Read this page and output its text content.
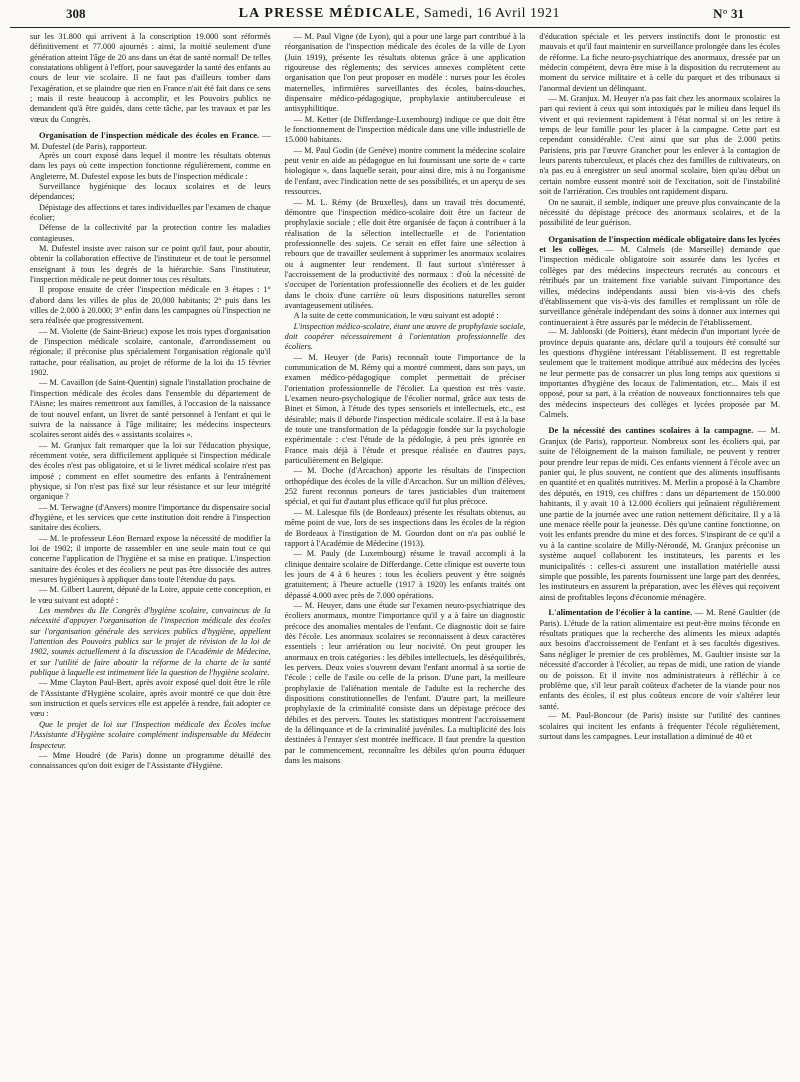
308	LA PRESSE MÉDICALE, Samedi, 16 Avril 1921	N° 31

sur les 31.800 qui arrivent à la conscription 19.000 sont réformés définitivement et 77.000 ajournés : ainsi, la moitié seulement d'une génération atteint l'âge de 20 ans dans un état de santé normal! De telles constatations obligent à l'effort, pour sauvegarder la santé des enfants au cours de leur vie scolaire. Il ne faut pas d'ailleurs tomber dans l'exagération, et se plaindre que rien en France n'ait été fait dans ce sens ; mais il reste beaucoup à accomplir, et les Pouvoirs publics ne demandent qu'à être guidés, dans cette tâche, par les travaux et par les vœux du Congrès.

Organisation de l'inspection médicale des écoles en France. — M. Dufestel (de Paris), rapporteur.

Après un court exposé dans lequel il montre les résultats obtenus dans les pays où cette inspection fonctionne régulièrement, comme en Angleterre, M. Dufestel expose les buts de l'inspection médicale :

Surveillance hygiénique des locaux scolaires et de leurs dépendances;

Dépistage des affections et tares individuelles par l'examen de chaque écolier;

Défense de la collectivité par la protection contre les maladies contagieuses.

M. Dufestel insiste avec raison sur ce point qu'il faut, pour aboutir, obtenir la collaboration effective de l'instituteur et de tout le personnel enseignant à tous les degrés de la hiérarchie. Sans l'instituteur, l'inspection médicale ne peut donner tous ces résultats.

Il propose ensuite de créer l'inspection médicale en 3 étapes : 1° d'abord dans les villes de plus de 20,000 habitants; 2° puis dans les villes de 2.000 à 20.000; 3° enfin dans les campagnes où l'inspection ne sera réalisée que progressivement.

— M. Violette (de Saint-Brieuc) expose les trois types d'organisation de l'inspection médicale scolaire, cantonale, d'arrondissement ou régionale; il préconise plus spécialement l'organisation régionale qu'il rattache, pour réalisation, au projet de réforme de la loi du 15 février 1902.

— M. Cavaillon (de Saint-Quentin) signale l'installation prochaine de l'inspection médicale des écoles dans l'ensemble du département de l'Aisne; les maires remettront aux familles, à l'occasion de la naissance de tout nouvel enfant, un livret de santé personnel à l'enfant et qui le suivra de la naissance à l'âge militaire; les médecins inspecteurs scolaires seront aidés des « assistants scolaires ».

— M. Granjux fait remarquer que la loi sur l'éducation physique, récemment votée, sera difficilement appliquée si l'inspection médicale des écoles n'est pas obligatoire, et si le livret médical scolaire n'est pas imposé ; comment en effet soumettre des enfants à l'entraînement physique, si l'on n'est pas fixé sur leur résistance et sur leur intégrité organique ?

— M. Terwagne (d'Anvers) montre l'importance du dispensaire social d'hygiène, et les services que cette institution doit rendre à l'inspection sanitaire des écoliers.

— M. le professeur Léon Bernard expose la nécessité de modifier la loi de 1902; il importe de rassembler en une seule main tout ce qui concerne l'application de l'hygiène et sa mise en pratique. L'inspection sanitaire des écoles et des écoliers ne peut pas être dissociée des autres mesures hygiéniques à appliquer dans toute l'étendue du pays.

— M. Gilbert Laurent, député de la Loire, appuie cette conception, et le vœu suivant est adopté :

Les membres du IIe Congrès d'hygiène scolaire, convaincus de la nécessité d'appuyer l'organisation de l'inspection médicale des écoles sur l'organisation générale des services publics d'hygiène, appellent l'attention des Pouvoirs publics sur le projet de révision de la loi de 1902, soumis actuellement à la discussion de l'Académie de Médecine, et sur l'utilité de faire aboutir la réforme de la charte de la santé publique à laquelle est intimement liée la question de l'hygiène scolaire.

— Mme Clayton Paul-Bert, après avoir exposé quel doit être le rôle de l'Assistante d'Hygiène scolaire, après avoir montré ce que doit être son instruction et quels services elle est appelée à rendre, fait adopter ce vœu :

Que le projet de loi sur l'Inspection médicale des Écoles inclue l'Assistante d'Hygiène scolaire complément indispensable du Médecin Inspecteur.

— Mme Houdré (de Paris) donne un programme détaillé des connaissances qu'on doit exiger de l'Assistante d'Hygiène.

— M. Paul Vigne (de Lyon), qui a pour une large part contribué à la réorganisation de l'inspection médicale des écoles de la ville de Lyon (Juin 1919), présente les résultats obtenus grâce à une application rigoureuse des règlements; des services annexes complètent cette organisation que l'on peut proposer en modèle : nurses pour les écoles maternelles, infirmières surveillantes des écoles, bains-douches, dispensaire médico-pédagogique, prophylaxie antituberculeuse et antisyphilitique.

— M. Ketter (de Differdange-Luxembourg) indique ce que doit être le fonctionnement de l'inspection médicale dans une ville industrielle de 15.000 habitants.

— M. Paul Godin (de Genève) montre comment la médecine scolaire peut venir en aide au pédagogue en lui fournissant une sorte de « carte biologique », dans laquelle serait, pour ainsi dire, mis à nu l'organisme de l'enfant, avec l'indication nette de ses possibilités, et un aperçu de ses ressources.

— M. L. Rémy (de Bruxelles), dans un travail très documenté, démontre que l'inspection médico-scolaire doit être un facteur de prophylaxie sociale ; elle doit être organisée de façon à contribuer à la réalisation de la sélection intellectuelle et de l'orientation professionnelle des sujets. Ce serait en effet faire une sélection à rebours que de travailler seulement à supprimer les anormaux scolaires ou à augmenter leur rendement. Il faut surtout s'intéresser à l'accroissement de la productivité des normaux : d'où la nécessité de s'occuper de l'orientation professionnelle des écoliers et de les guider dans le choix d'une carrière où leurs dispositions naturelles seront avantageusement utilisées.

A la suite de cette communication, le vœu suivant est adopté :

L'inspection médico-scolaire, étant une œuvre de prophylaxie sociale, doit coopérer nécessairement à l'orientation professionnelle des écoliers.

— M. Heuyer (de Paris) reconnaît toute l'importance de la communication de M. Rémy qui a montré comment, dans son pays, un examen médico-pédagogique complet permettait de préciser l'orientation professionnelle de l'écolier. La question est très vaste. L'examen neuro-psychologique de l'écolier normal, grâce aux tests de Binet et Simon, à l'étude des types sensoriels et intellectuels, etc., est désirable; mais il déborde l'inspection médicale scolaire. Il est à la base de toute une transformation de la pédagogie fondée sur la psychologie expérimentale : c'est l'étude de la pédologie, à peu près ignorée en France mais déjà à l'étude et presque réalisée en d'autres pays, particulièrement en Belgique.

— M. Doche (d'Arcachon) apporte les résultats de l'inspection orthopédique des écoles de la ville d'Arcachon. Sur un million d'élèves, 252 furent reconnus porteurs de tares justiciables d'un traitement spécial, et qui fut d'autant plus efficace qu'il fut plus précoce.

— M. Lalesque fils (de Bordeaux) présente les résultats obtenus, au même point de vue, lors de ses inspections dans les écoles de la région de Bordeaux à l'instigation de M. Gourdon dont on n'a pas oublié le rapport à l'Académie de Médecine (1913).

— M. Pauly (de Luxembourg) résume le travail accompli à la clinique dentaire scolaire de Differdange. Cette clinique est ouverte tous les jours de 4 à 6 heures : tous les écoliers peuvent y être soignés gratuitement; à l'heure actuelle (1917 à 1920) les enfants traités ont dépassé 4.000 avec près de 7.000 opérations.

— M. Heuyer, dans une étude sur l'examen neuro-psychiatrique des écoliers anormaux, montre l'importance qu'il y a à faire un diagnostic précoce des anomalies mentales de l'enfant. Ce diagnostic doit se faire dès l'école. Les anormaux scolaires se reconnaissent à deux caractères essentiels : leur arriération ou leur nocivité. On peut grouper les anormaux en trois catégories : les débiles intellectuels, les déséquilibrés, les pervers. Deux voies s'ouvrent devant l'enfant anormal à sa sortie de l'école : celle de l'asile ou celle de la prison. D'une part, la meilleure prophylaxie de l'aliénation mentale de l'adulte est la recherche des dispositions constitutionnelles de l'enfant. D'autre part, la meilleure prophylaxie de la criminalité consiste dans un dépistage précoce des débiles et des pervers. Toutes les statistiques montrent l'accroissement de la délinquance et de la criminalité juvéniles. La multiplicité des lois destinées à l'enrayer s'est montrée inefficace. Il faut prendre la question par le commencement, reconnaître les débiles qu'on pourra éduquer dans les maisons

d'éducation spéciale et les pervers instinctifs dont le pronostic est mauvais et qu'il faut maintenir en surveillance prolongée dans les écoles de réforme. La fiche neuro-psychiatrique des anormaux, dressée par un médecin compétent, devra être mise à la disposition du recrutement au moment du service militaire et à celle du parquet et des tribunaux si l'anormal devient un délinquant.

— M. Granjux. M. Heuyer n'a pas fait chez les anormaux scolaires la part qui revient à ceux qui sont intoxiqués par le milieu dans lequel ils vivent et qui reviennent rapidement à l'état normal si on les retire à temps de leur famille pour les placer à la campagne. Cette part est cependant considérable. C'est ainsi que sur plus de 2.000 petits Parisiens, pris par l'œuvre Grancher pour les enlever à la contagion de leurs parents tuberculeux, et placés chez des familles de cultivateurs, on n'a pas eu à enregistrer un seul anormal scolaire, bien qu'au début un certain nombre eussent montré soit de l'excitation, soit de l'instabilité soit de l'arriération. Ces troubles ont rapidement disparu.

On ne saurait, il semble, indiquer une preuve plus convaincante de la nécessité du dépistage précoce des anormaux scolaires, et de la possibilité de leur guérison.

Organisation de l'inspection médicale obligatoire dans les lycées et les collèges. — M. Calmels (de Marseille) demande que l'inspection médicale obligatoire soit assurée dans les lycées et collèges par des médecins inspecteurs recrutés au concours et rétribués par un traitement fixe variable suivant l'importance des villes, médecins indépendants aussi bien vis-à-vis des chefs d'établissement que vis-à-vis des familles et remplissant un rôle de surveillance générale indépendant des soins à donner aux internes qui continueraient à être assurés par le médecin de l'établissement.

— M. Jablonski (de Poitiers), étant médecin d'un important lycée de province depuis quarante ans, déclare qu'il a toujours été consulté sur les questions d'hygiène intéressant l'établissement. Il est regrettable seulement que le traitement modique attribué aux médecins des lycées ne leur permette pas de consacrer un plus long temps aux questions si importantes d'hygiène des locaux de l'alimentation, etc... Mais il est opposé, pour sa part, à la création de nouveaux fonctionnaires tels que des médecins inspecteurs des collèges et lycées proposée par M. Calmels.

De la nécessité des cantines scolaires à la campagne. — M. Granjux (de Paris), rapporteur. Nombreux sont les écoliers qui, par suite de l'éloignement de la maison familiale, ne peuvent y rentrer pour prendre leur repas de midi. Ces enfants viennent à l'école avec un panier qui, le plus souvent, ne contient que des aliments insuffisants en quantité et en qualités nutritives. M. Merlin a proposé à la Chambre des députés, en 1919, ces chiffres : dans un département de 150.000 habitants, il y avait 10 à 12.000 écoliers qui jeûnaient régulièrement une partie de la journée avec une ration nettement déficitaire. Il y a là une menace réelle pour la jeunesse. Dès qu'une cantine fonctionne, on voit les enfants prendre du mine et des forces. S'inspirant de ce qu'il a vu à la cantine scolaire de Milly-Nérondé, M. Granjux préconise un système auquel collaborent les instituteurs, les parents et les municipalités : celles-ci assurent une installation matérielle aussi simple que possible, les parents fournissent une large part des denrées, les instituteurs en assurent la préparation, avec les élèves qui reçoivent ainsi de profitables leçons d'économie ménagère.
L'alimentation de l'écolier à la cantine. — M. René Gaultier (de Paris). L'étude de la ration alimentaire est peut-être moins féconde en résultats pratiques que la recherche des aliments les mieux adaptés aux besoins d'accroissement de l'enfant et à ses facultés digestives. Sans négliger le premier de ces problèmes, M. Gaultier insiste sur la nécessité d'accorder à l'écolier, au repas de midi, une ration de viande ou de poisson. Et il invite nos administrateurs à réfléchir à ce problème que, s'il leur paraît coûteux d'acheter de la viande pour nos enfants des écoles, il est plus coûteux encore de voir s'altérer leur santé.

— M. Paul-Boncour (de Paris) insiste sur l'utilité des cantines scolaires qui incitent les enfants à fréquenter l'école régulièrement, surtout dans les campagnes. Leur installation a diminué de 40 et
